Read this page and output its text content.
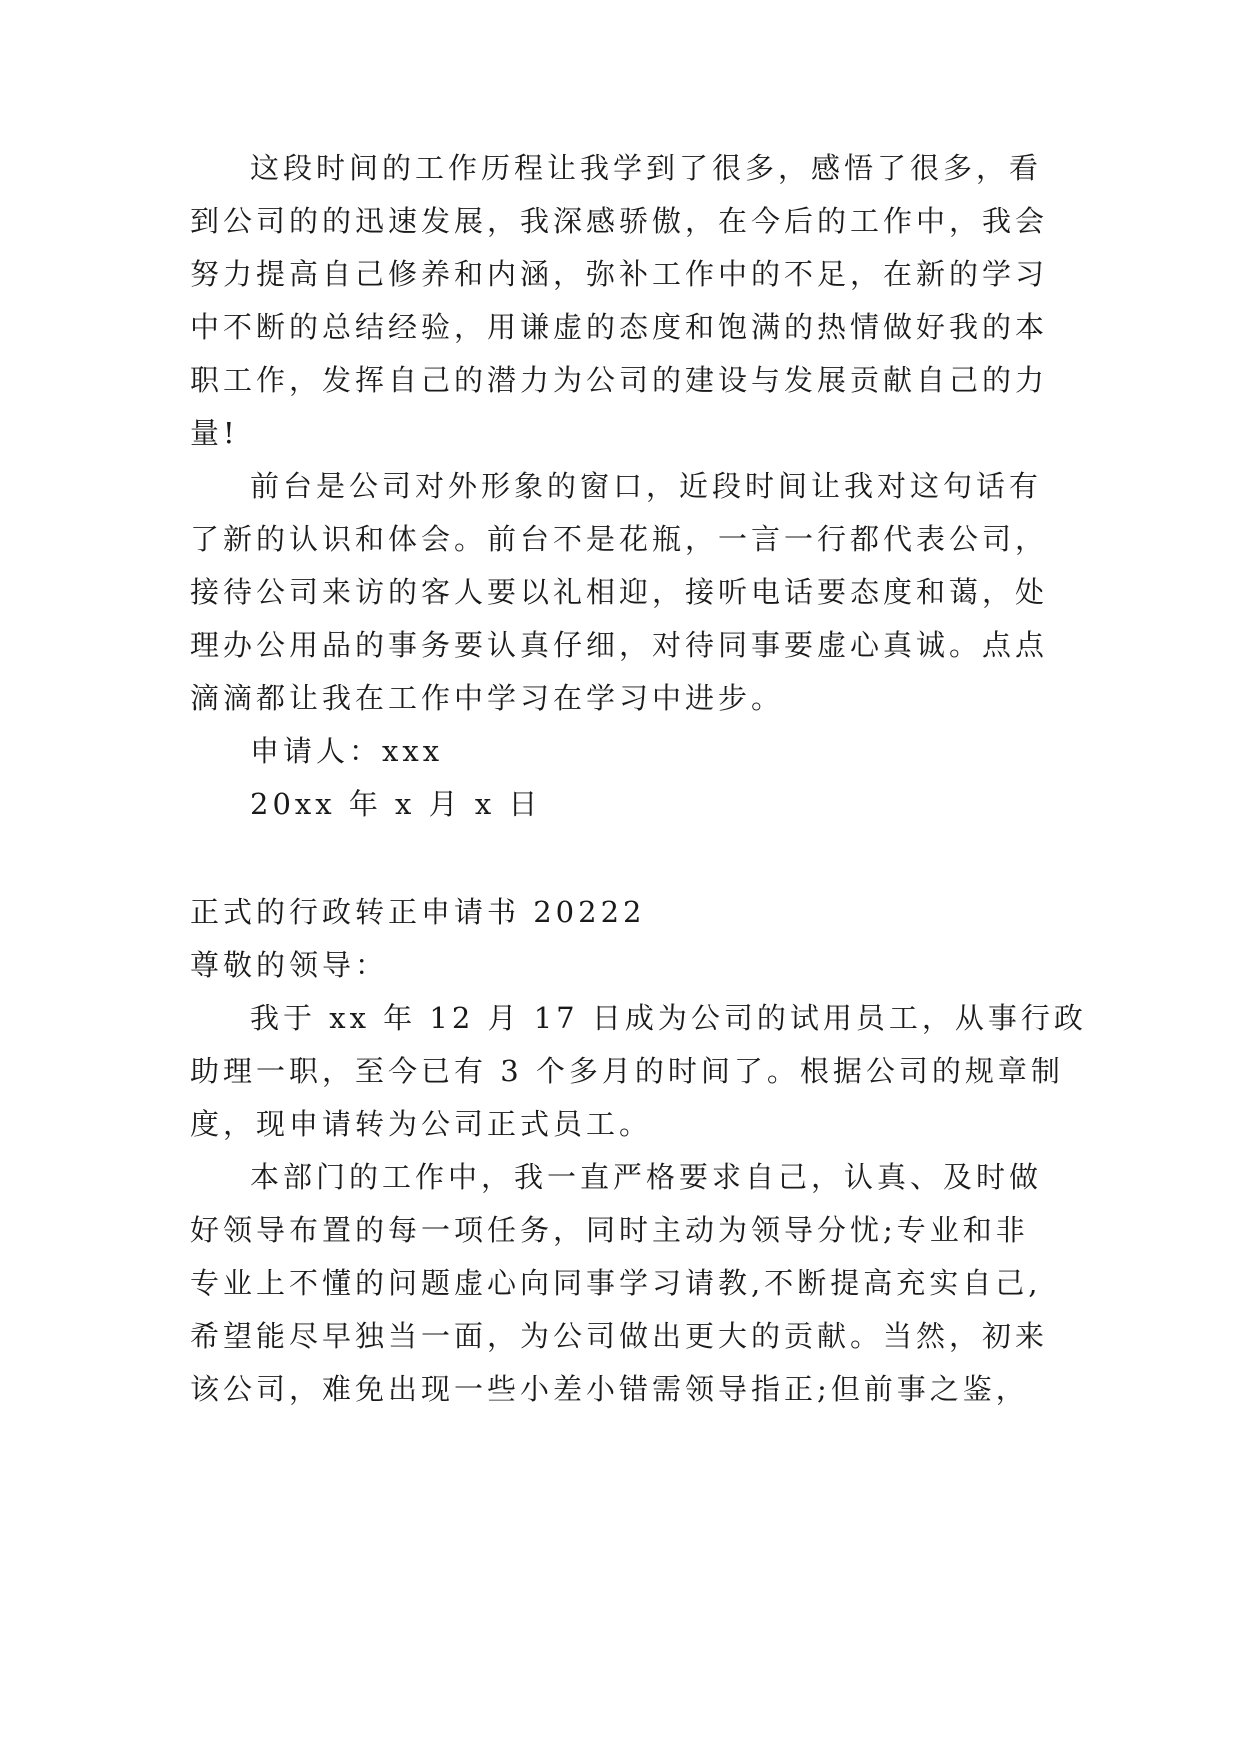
这段时间的工作历程让我学到了很多，感悟了很多，看
到公司的的迅速发展，我深感骄傲，在今后的工作中，我会
努力提高自己修养和内涵，弥补工作中的不足，在新的学习
中不断的总结经验，用谦虚的态度和饱满的热情做好我的本
职工作，发挥自己的潜力为公司的建设与发展贡献自己的力
量!
前台是公司对外形象的窗口，近段时间让我对这句话有
了新的认识和体会。前台不是花瓶，一言一行都代表公司，
接待公司来访的客人要以礼相迎，接听电话要态度和蔼，处
理办公用品的事务要认真仔细，对待同事要虚心真诚。点点
滴滴都让我在工作中学习在学习中进步。
申请人：xxx
20xx 年 x 月 x 日
正式的行政转正申请书 20222
尊敬的领导：
我于 xx 年 12 月 17 日成为公司的试用员工，从事行政
助理一职，至今已有 3 个多月的时间了。根据公司的规章制
度，现申请转为公司正式员工。
本部门的工作中，我一直严格要求自己，认真、及时做
好领导布置的每一项任务，同时主动为领导分忧;专业和非
专业上不懂的问题虚心向同事学习请教,不断提高充实自己,
希望能尽早独当一面，为公司做出更大的贡献。当然，初来
该公司，难免出现一些小差小错需领导指正;但前事之鉴，
